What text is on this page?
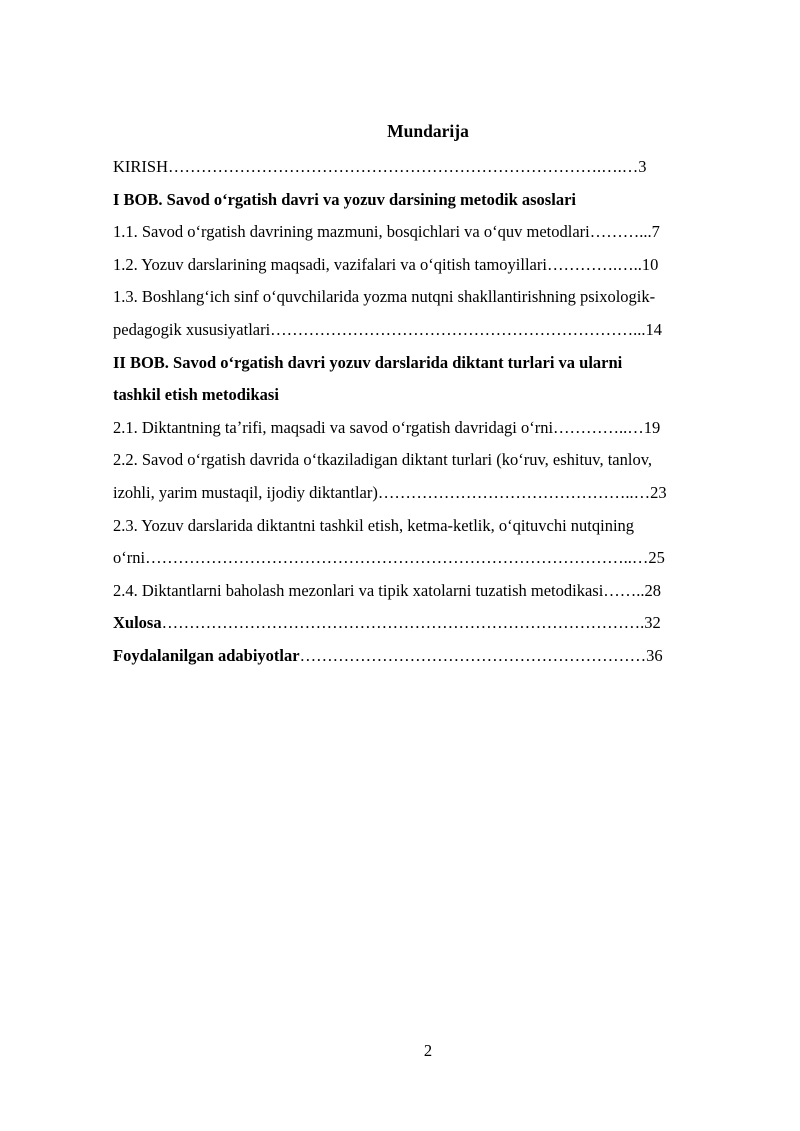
Mundarija
KIRISH…………………………………………………………………….….…3
I BOB. Savod oʻrgatish davri va yozuv darsining metodik asoslari
1.1. Savod oʻrgatish davrining mazmuni, bosqichlari va oʻquv metodlari………...7
1.2. Yozuv darslarining maqsadi, vazifalari va oʻqitish tamoyillari………….…..10
1.3. Boshlangʻich sinf oʻquvchilarida yozma nutqni shakllantirishning psixologik-
pedagogik xususiyatlari…………………………………………………………...14
II BOB. Savod oʻrgatish davri yozuv darslarida diktant turlari va ularni
tashkil etish metodikasi
2.1. Diktantning taʼrifi, maqsadi va savod oʻrgatish davridagi oʻrni…………..…19
2.2. Savod oʻrgatish davrida oʻtkaziladigan diktant turlari (koʻruv, eshituv, tanlov,
izohli, yarim mustaqil, ijodiy diktantlar)………………………………………..…23
2.3. Yozuv darslarida diktantni tashkil etish, ketma-ketlik, oʻqituvchi nutqining
oʻrni……………………………………………………………………………..…25
2.4. Diktantlarni baholash mezonlari va tipik xatolarni tuzatish metodikasi……..28
Xulosa…………………………………………………………………………….32
Foydalanilgan adabiyotlar………………………………………………………36
2
